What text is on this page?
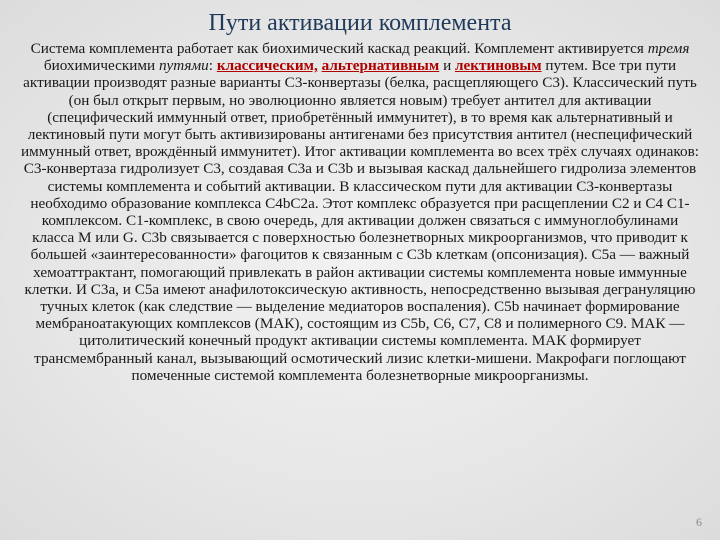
Пути активации комплемента
Система комплемента работает как биохимический каскад реакций. Комплемент активируется тремя биохимическими путями: классическим, альтернативным и лектиновым путем. Все три пути активации производят разные варианты С3-конвертазы (белка, расщепляющего С3). Классический путь (он был открыт первым, но эволюционно является новым) требует антител для активации (специфический иммунный ответ, приобретённый иммунитет), в то время как альтернативный и лектиновый пути могут быть активизированы антигенами без присутствия антител (неспецифический иммунный ответ, врождённый иммунитет). Итог активации комплемента во всех трёх случаях одинаков: С3-конвертаза гидролизует С3, создавая С3а и С3b и вызывая каскад дальнейшего гидролиза элементов системы комплемента и событий активации. В классическом пути для активации С3-конвертазы необходимо образование комплекса С4bС2а. Этот комплекс образуется при расщеплении С2 и С4 С1-комплексом. С1-комплекс, в свою очередь, для активации должен связаться с иммуноглобулинами класса M или G. C3b связывается с поверхностью болезнетворных микроорганизмов, что приводит к большей «заинтересованности» фагоцитов к связанным с C3b клеткам (опсонизация). C5a — важный хемоаттрактант, помогающий привлекать в район активации системы комплемента новые иммунные клетки. И C3a, и C5a имеют анафилотоксическую активность, непосредственно вызывая дегрануляцию тучных клеток (как следствие — выделение медиаторов воспаления). C5b начинает формирование мембраноатакующих комплексов (МАК), состоящим из C5b, C6, C7, C8 и полимерного C9. МАК — цитолитический конечный продукт активации системы комплемента. МАК формирует трансмембранный канал, вызывающий осмотический лизис клетки-мишени. Макрофаги поглощают помеченные системой комплемента болезнетворные микроорганизмы.
6
